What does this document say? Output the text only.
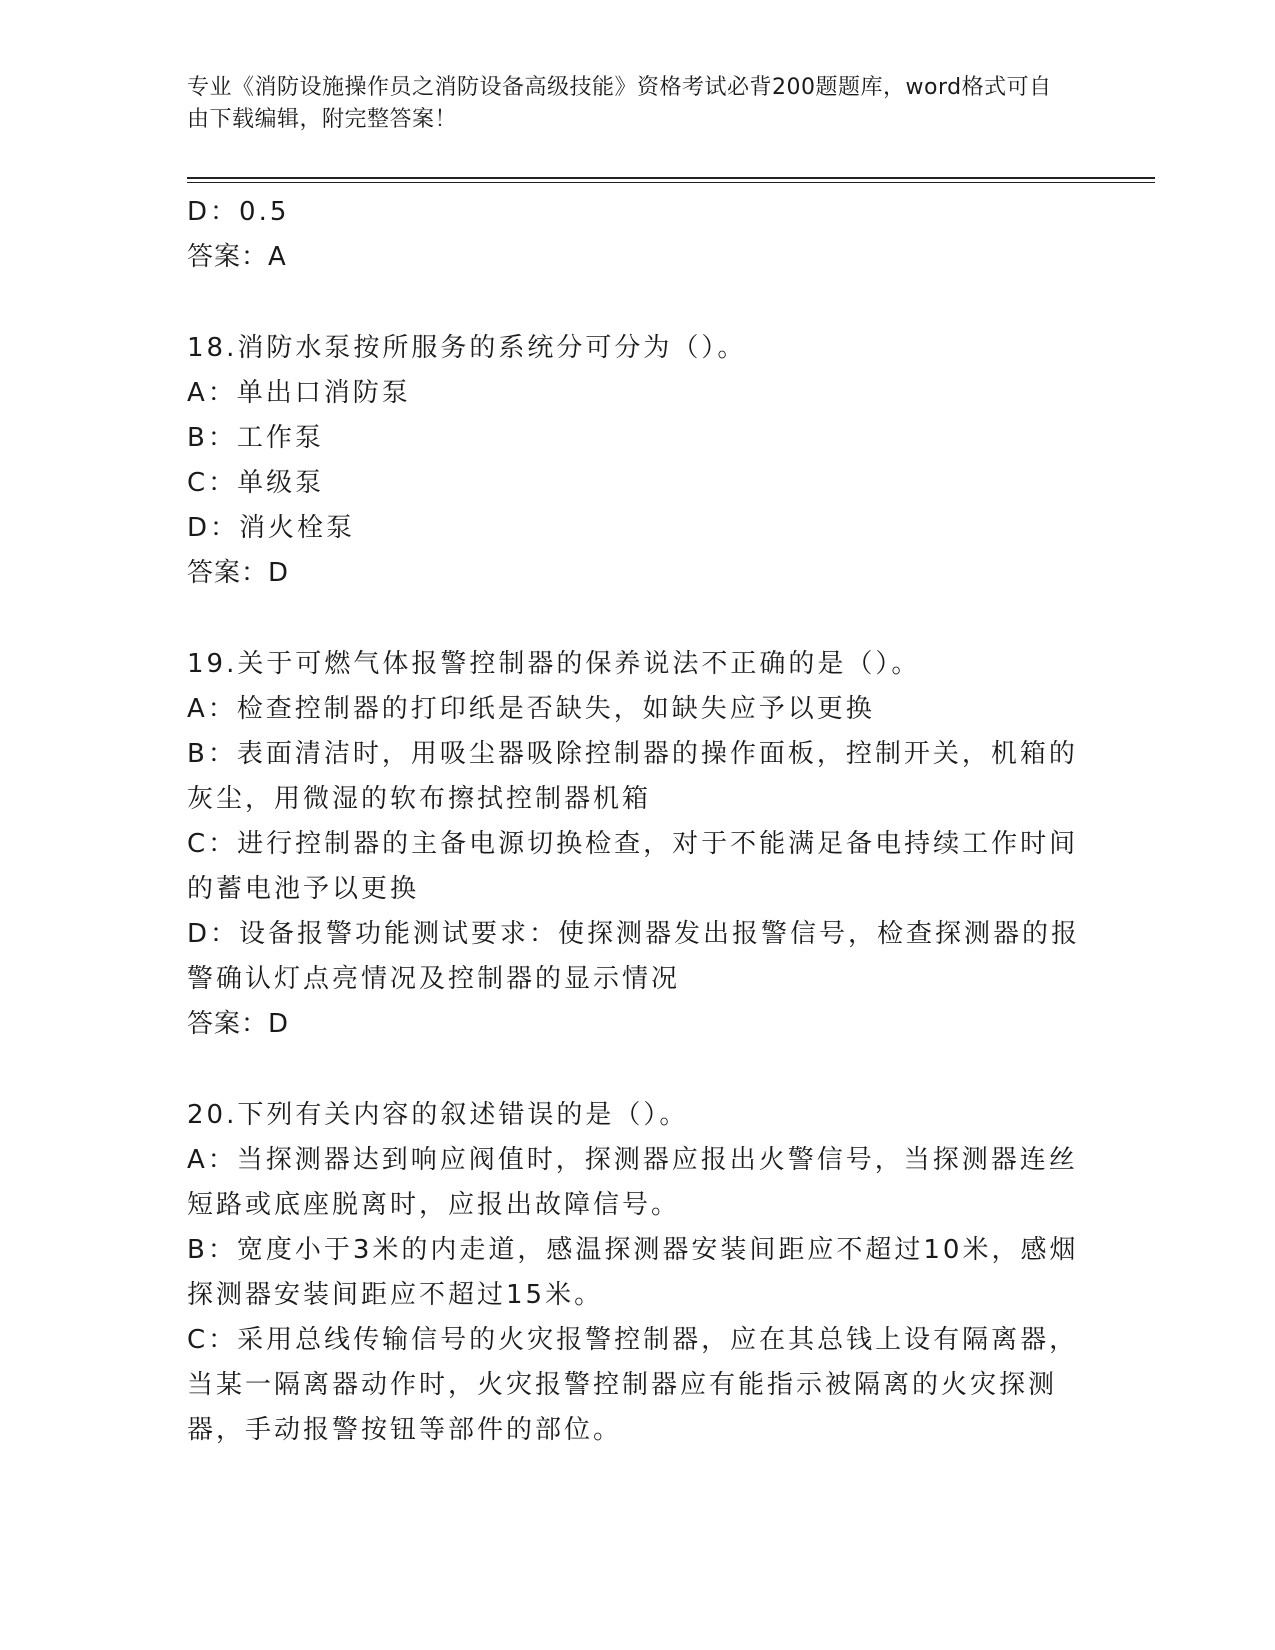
专业《消防设施操作员之消防设备高级技能》资格考试必背200题题库，word格式可自由下载编辑，附完整答案！

D：0.5

答案：A

18.消防水泵按所服务的系统分可分为（）。

A：单出口消防泵

B：工作泵

C：单级泵

D：消火栓泵

答案：D

19.关于可燃气体报警控制器的保养说法不正确的是（）。

A：检查控制器的打印纸是否缺失，如缺失应予以更换

B：表面清洁时，用吸尘器吸除控制器的操作面板，控制开关，机箱的灰尘，用微湿的软布擦拭控制器机箱

C：进行控制器的主备电源切换检查，对于不能满足备电持续工作时间的蓄电池予以更换

D：设备报警功能测试要求：使探测器发出报警信号，检查探测器的报警确认灯点亮情况及控制器的显示情况

答案：D

20.下列有关内容的叙述错误的是（）。

A：当探测器达到响应阀值时，探测器应报出火警信号，当探测器连丝短路或底座脱离时，应报出故障信号。

B：宽度小于3米的内走道，感温探测器安装间距应不超过10米，感烟探测器安装间距应不超过15米。

C：采用总线传输信号的火灾报警控制器，应在其总钱上设有隔离器，当某一隔离器动作时，火灾报警控制器应有能指示被隔离的火灾探测器，手动报警按钮等部件的部位。
